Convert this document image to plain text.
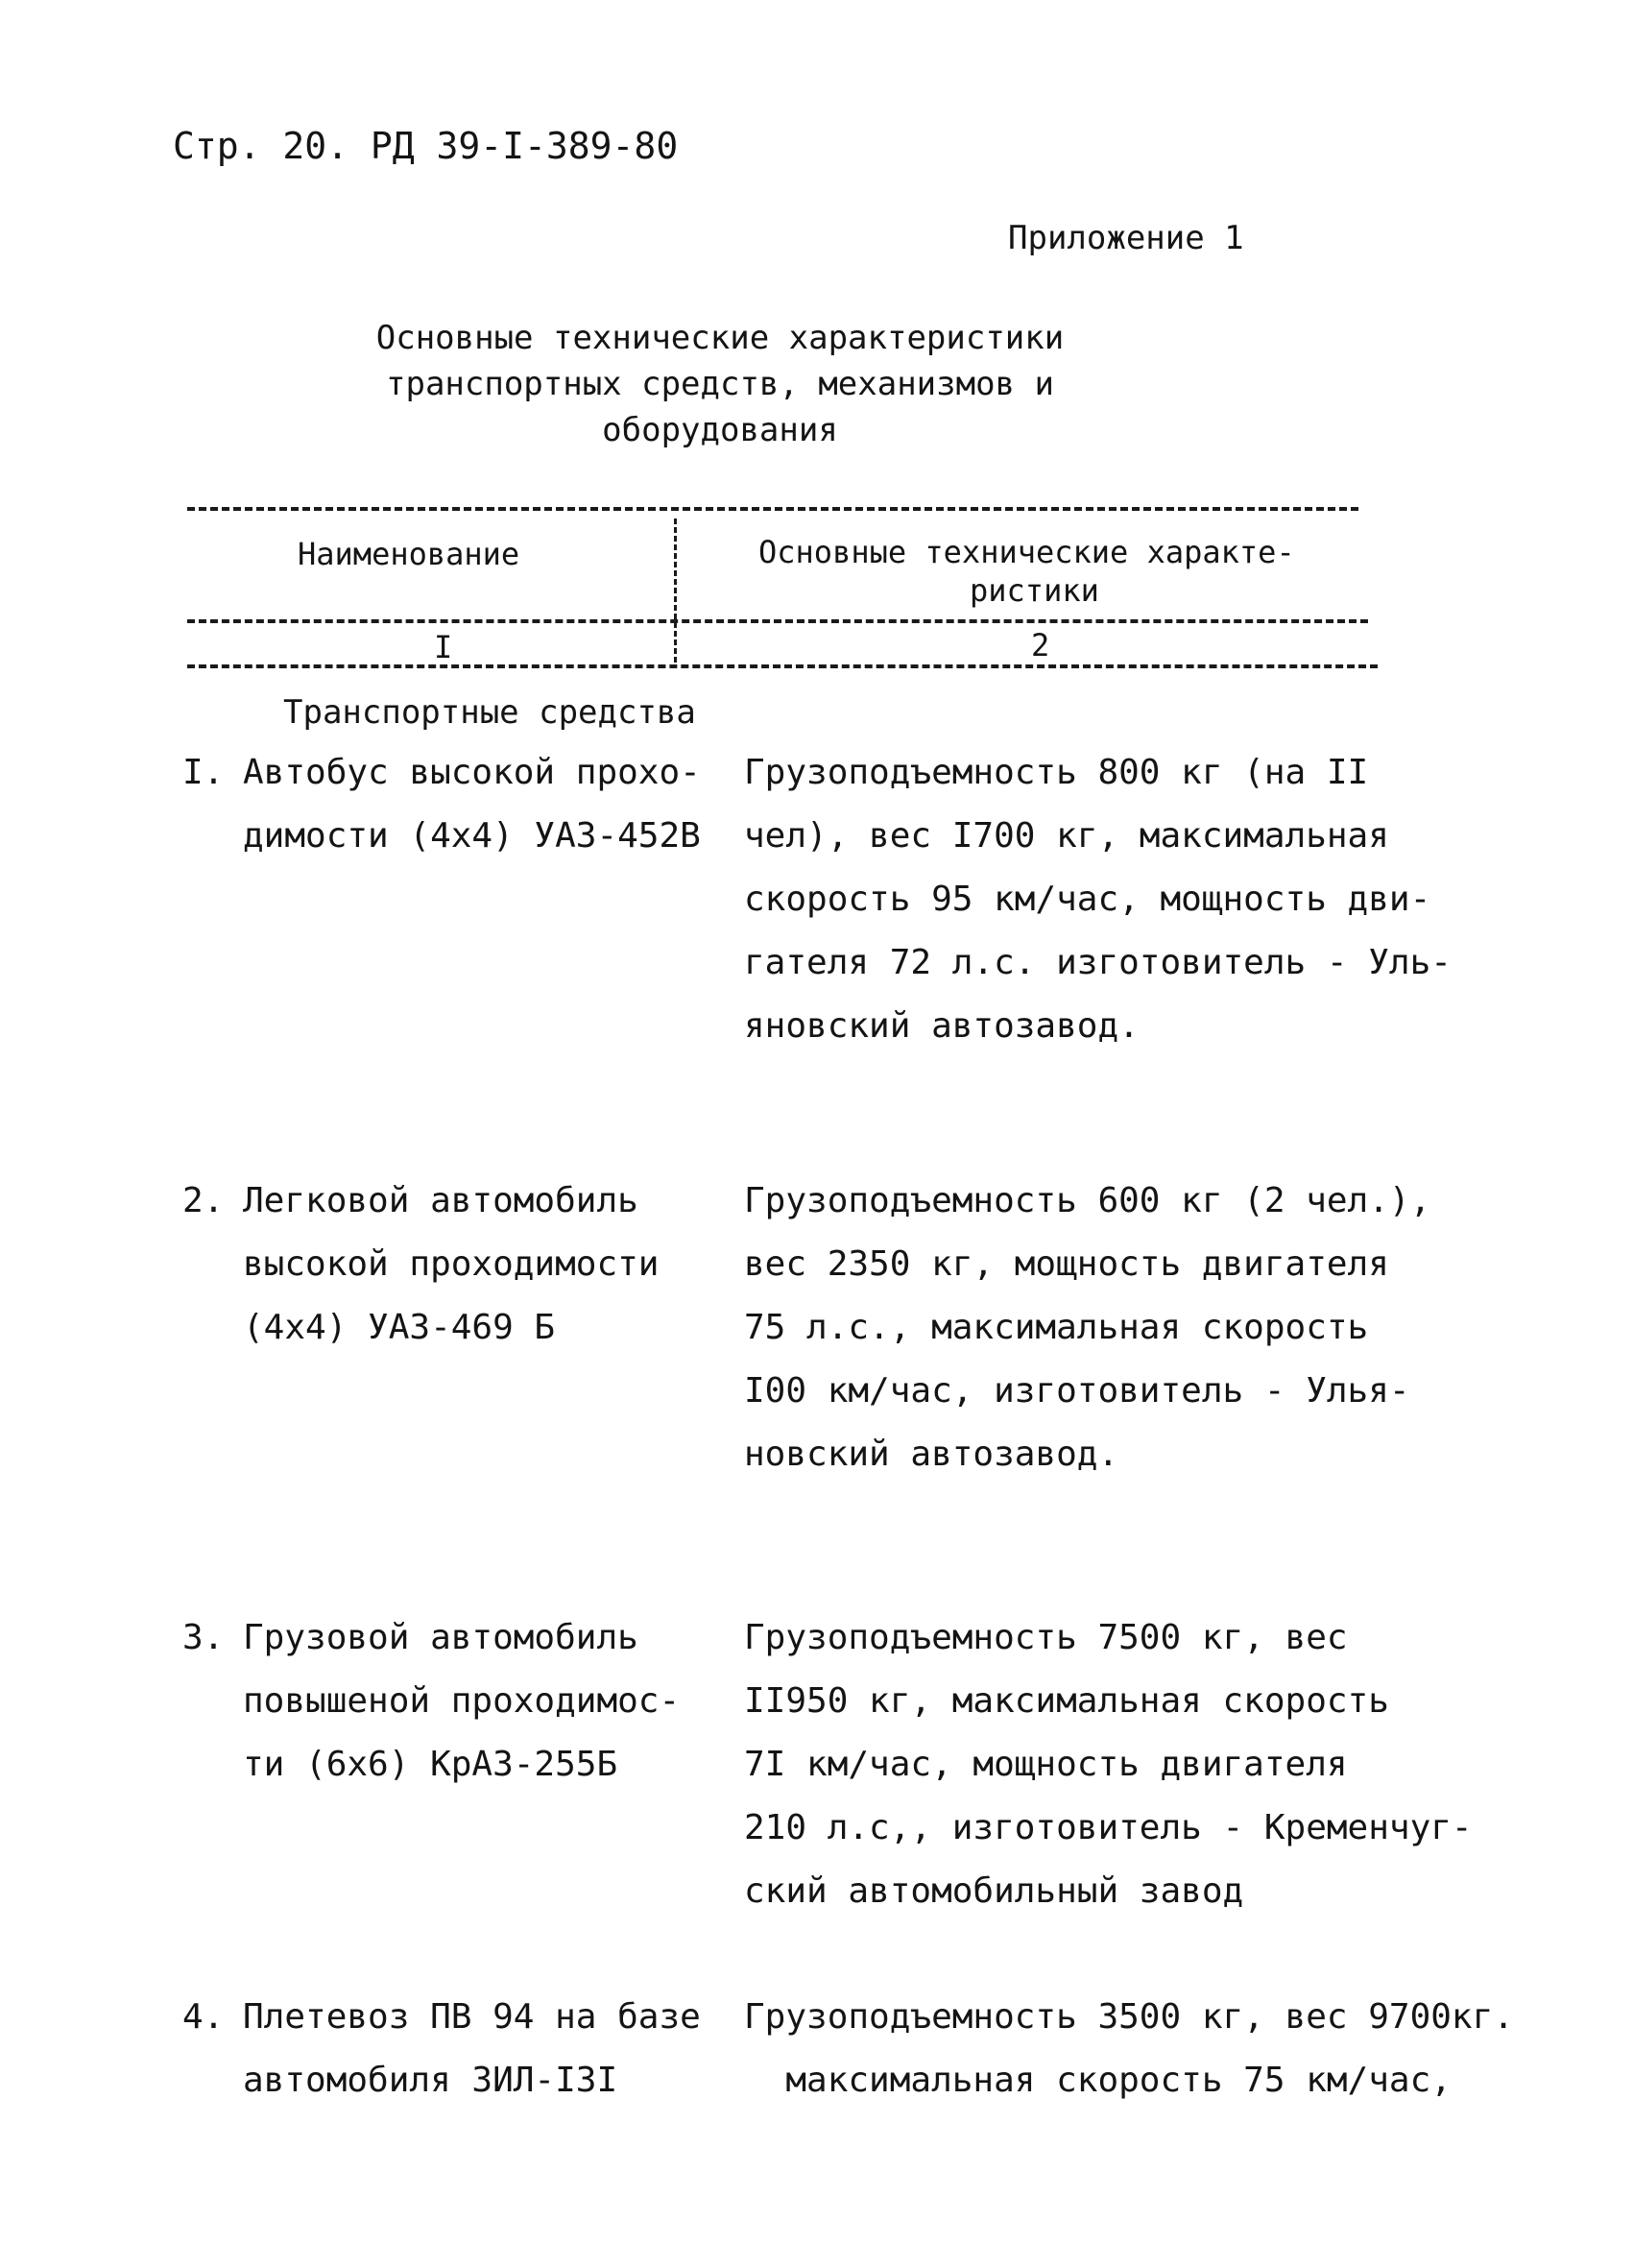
Стр. 20. РД 39-I-389-80
Приложение 1
Основные технические характеристики
транспортных средств, механизмов и
оборудования
Наименование	Основные технические характе-
ристики
I	2
Транспортные средства
I. Автобус высокой прохо-
димости (4х4) УАЗ-452В
Грузоподъемность 800 кг (на II
чел), вес I700 кг, максимальная
скорость 95 км/час, мощность дви-
гателя 72 л.с. изготовитель - Уль-
яновский автозавод.
2. Легковой автомобиль
высокой проходимости
(4х4) УАЗ-469 Б
Грузоподъемность 600 кг (2 чел.),
вес 2350 кг, мощность двигателя
75 л.с., максимальная скорость
I00 км/час, изготовитель - Улья-
новский автозавод.
3. Грузовой автомобиль
повышеной проходимос-
ти (6х6) КрАЗ-255Б
Грузоподъемность 7500 кг, вес
II950 кг, максимальная скорость
7I км/час, мощность двигателя
210 л.с,, изготовитель - Кременчуг-
ский автомобильный завод
4. Плетевоз ПВ 94 на базе
автомобиля ЗИЛ-I3I
Грузоподъемность 3500 кг, вес 9700кг.
максимальная скорость 75 км/час,
